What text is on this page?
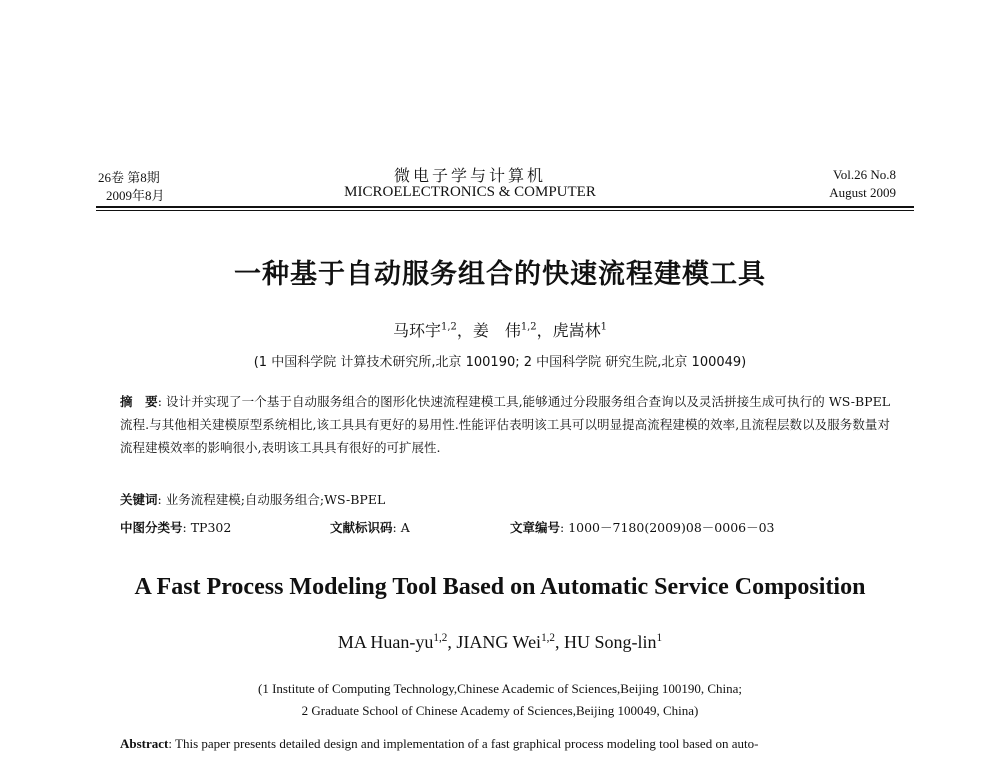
26卷 第8期
2009年8月
微电子学与计算机
MICROELECTRONICS & COMPUTER
Vol.26 No.8
August 2009
一种基于自动服务组合的快速流程建模工具
马环宇$^{1,2}$，姜　伟$^{1,2}$，虎嵩林$^1$
(1 中国科学院 计算技术研究所,北京 100190; 2 中国科学院 研究生院,北京 100049)
摘　要: 设计并实现了一个基于自动服务组合的图形化快速流程建模工具,能够通过分段服务组合查询以及灵活拼接生成可执行的 WS-BPEL 流程.与其他相关建模原型系统相比,该工具具有更好的易用性.性能评估表明该工具可以明显提高流程建模的效率,且流程层数以及服务数量对流程建模效率的影响很小,表明该工具具有很好的可扩展性.
关键词: 业务流程建模;自动服务组合;WS-BPEL
中图分类号: TP302	文献标识码: A	文章编号: 1000－7180(2009)08－0006－03
A Fast Process Modeling Tool Based on Automatic Service Composition
MA Huan-yu$^{1,2}$, JIANG Wei$^{1,2}$, HU Song-lin$^1$
(1 Institute of Computing Technology,Chinese Academic of Sciences,Beijing 100190, China;
2 Graduate School of Chinese Academy of Sciences,Beijing 100049, China)
Abstract: This paper presents detailed design and implementation of a fast graphical process modeling tool based on auto-
